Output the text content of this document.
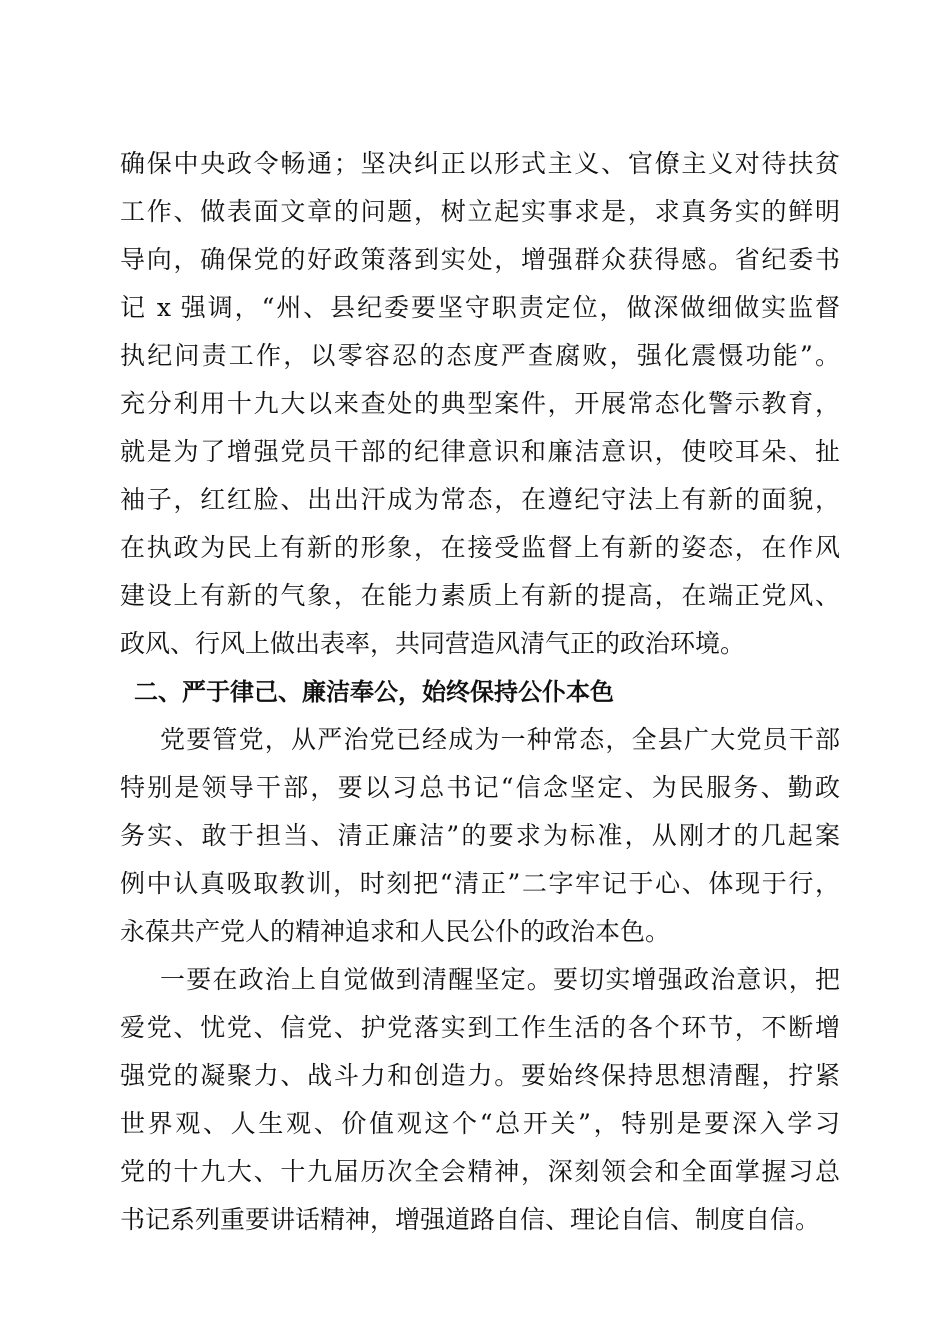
确保中央政令畅通；坚决纠正以形式主义、官僚主义对待扶贫
工作、做表面文章的问题，树立起实事求是，求真务实的鲜明
导向，确保党的好政策落到实处，增强群众获得感。省纪委书
记 x 强调，“州、县纪委要坚守职责定位，做深做细做实监督
执纪问责工作，以零容忍的态度严查腐败，强化震慑功能”。
充分利用十九大以来查处的典型案件，开展常态化警示教育，
就是为了增强党员干部的纪律意识和廉洁意识，使咬耳朵、扯
袖子，红红脸、出出汗成为常态，在遵纪守法上有新的面貌，
在执政为民上有新的形象，在接受监督上有新的姿态，在作风
建设上有新的气象，在能力素质上有新的提高，在端正党风、
政风、行风上做出表率，共同营造风清气正的政治环境。
二、严于律己、廉洁奉公，始终保持公仆本色
党要管党，从严治党已经成为一种常态，全县广大党员干部
特别是领导干部，要以习总书记“信念坚定、为民服务、勤政
务实、敢于担当、清正廉洁”的要求为标准，从刚才的几起案
例中认真吸取教训，时刻把“清正”二字牢记于心、体现于行，
永葆共产党人的精神追求和人民公仆的政治本色。
一要在政治上自觉做到清醒坚定。要切实增强政治意识，把
爱党、忧党、信党、护党落实到工作生活的各个环节，不断增
强党的凝聚力、战斗力和创造力。要始终保持思想清醒，拧紧
世界观、人生观、价值观这个“总开关”，特别是要深入学习
党的十九大、十九届历次全会精神，深刻领会和全面掌握习总
书记系列重要讲话精神，增强道路自信、理论自信、制度自信。
